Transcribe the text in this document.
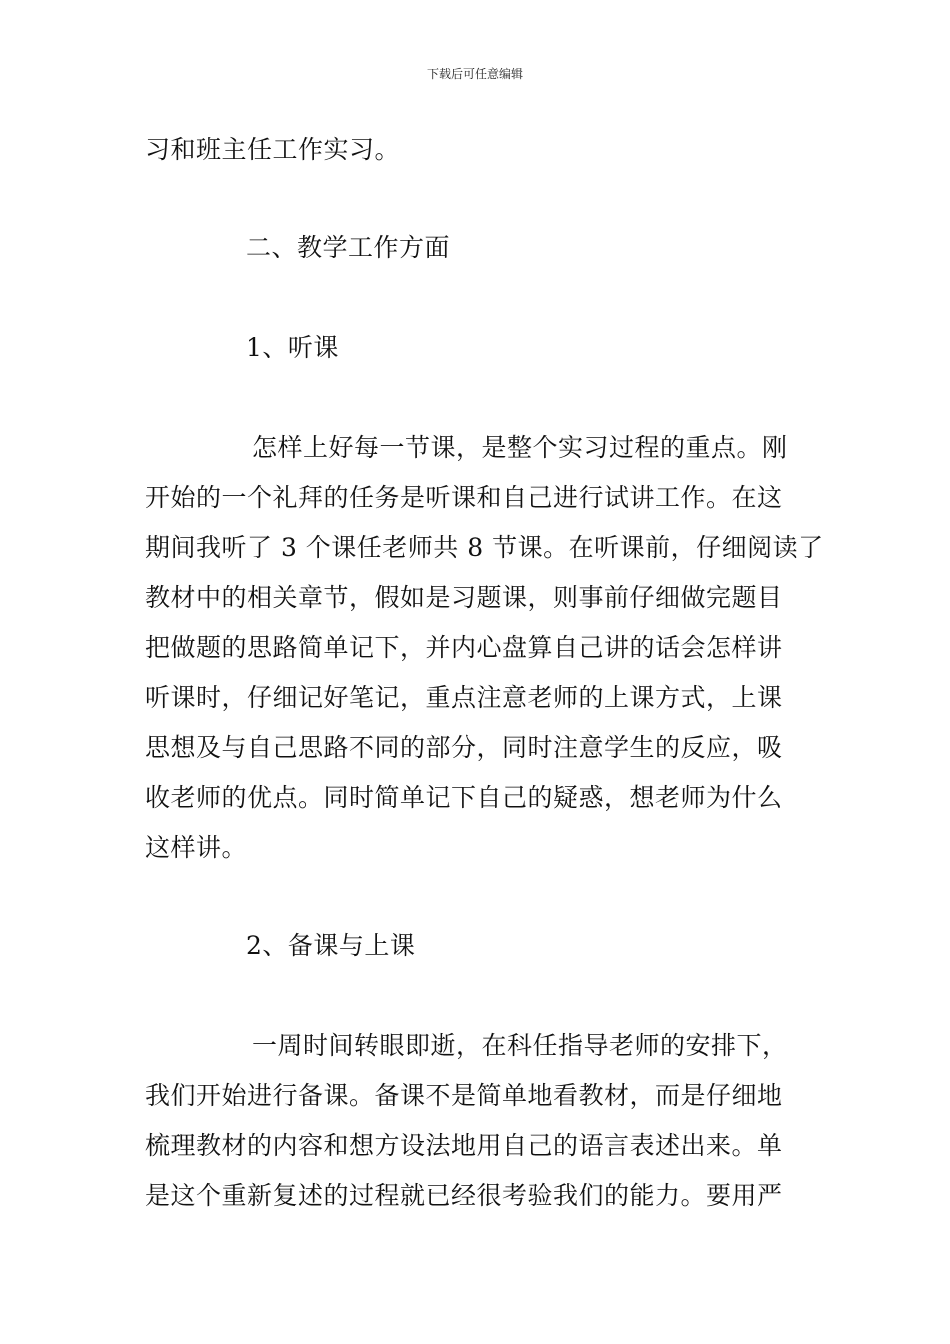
下载后可任意编辑
习和班主任工作实习。
二、教学工作方面
1、听课
怎样上好每一节课，是整个实习过程的重点。刚
开始的一个礼拜的任务是听课和自己进行试讲工作。在这
期间我听了 3 个课任老师共 8 节课。在听课前，仔细阅读了
教材中的相关章节，假如是习题课，则事前仔细做完题目
把做题的思路简单记下，并内心盘算自己讲的话会怎样讲
听课时，仔细记好笔记，重点注意老师的上课方式，上课
思想及与自己思路不同的部分，同时注意学生的反应，吸
收老师的优点。同时简单记下自己的疑惑，想老师为什么
这样讲。
2、备课与上课
一周时间转眼即逝，在科任指导老师的安排下，
我们开始进行备课。备课不是简单地看教材，而是仔细地
梳理教材的内容和想方设法地用自己的语言表述出来。单
是这个重新复述的过程就已经很考验我们的能力。要用严
